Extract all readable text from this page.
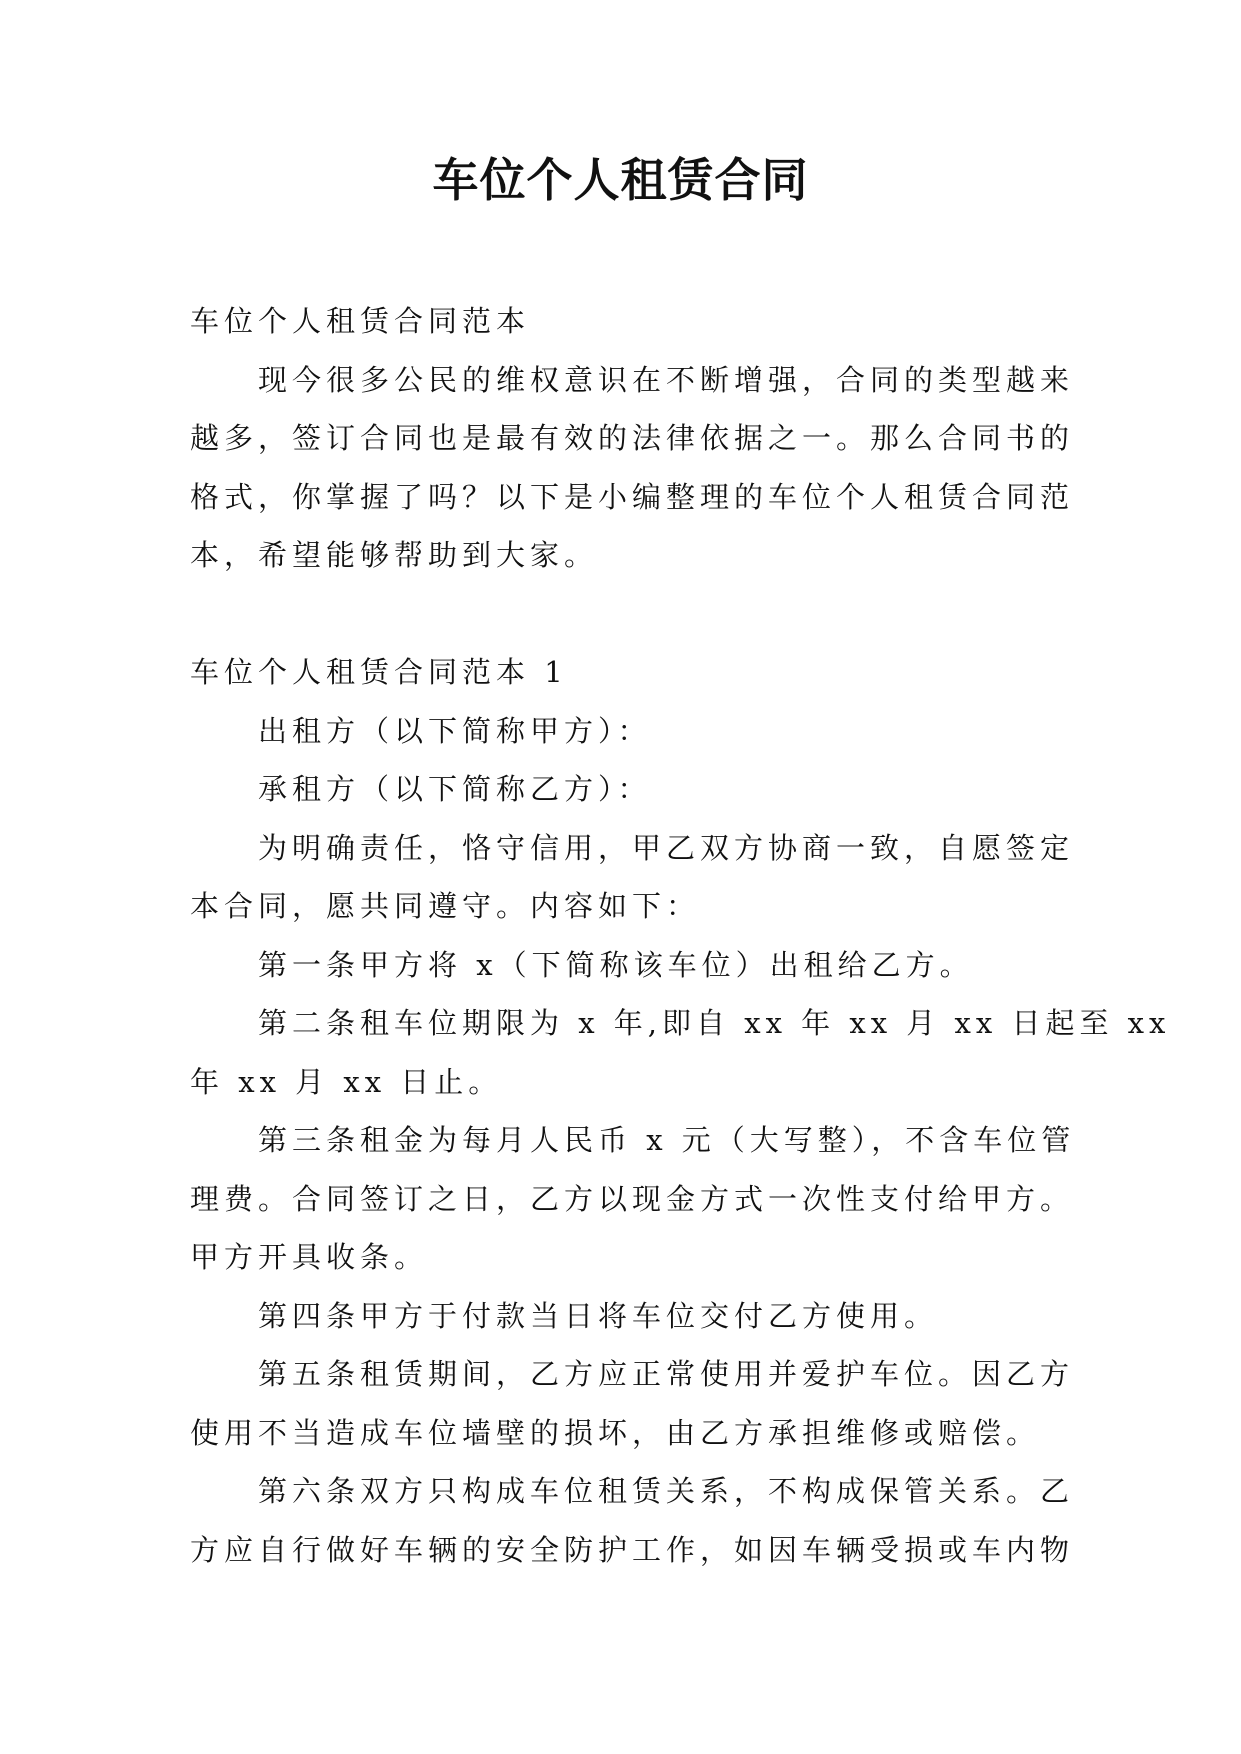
车位个人租赁合同

车位个人租赁合同范本

现今很多公民的维权意识在不断增强，合同的类型越来

越多，签订合同也是最有效的法律依据之一。那么合同书的

格式，你掌握了吗？以下是小编整理的车位个人租赁合同范

本，希望能够帮助到大家。

车位个人租赁合同范本 1

出租方（以下简称甲方）：

承租方（以下简称乙方）：

为明确责任，恪守信用，甲乙双方协商一致，自愿签定

本合同，愿共同遵守。内容如下：

第一条甲方将 x（下简称该车位）出租给乙方。

第二条租车位期限为 x 年,即自 xx 年 xx 月 xx 日起至 xx

年 xx 月 xx 日止。

第三条租金为每月人民币 x 元（大写整），不含车位管

理费。合同签订之日，乙方以现金方式一次性支付给甲方。

甲方开具收条。

第四条甲方于付款当日将车位交付乙方使用。

第五条租赁期间，乙方应正常使用并爱护车位。因乙方

使用不当造成车位墙壁的损坏，由乙方承担维修或赔偿。

第六条双方只构成车位租赁关系，不构成保管关系。乙

方应自行做好车辆的安全防护工作，如因车辆受损或车内物
